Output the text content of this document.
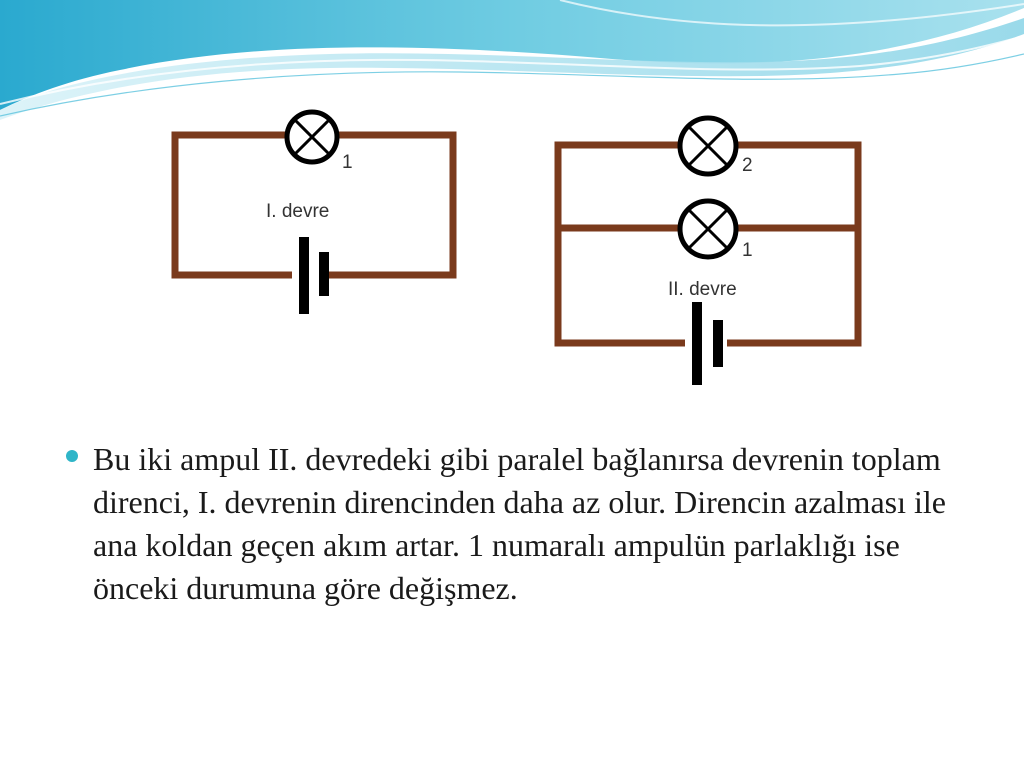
1
I. devre
2
1
II. devre
Bu iki ampul II. devredeki gibi paralel bağlanırsa devrenin toplam direnci, I. devrenin direncinden daha az olur. Direncin azalması ile ana koldan geçen akım artar. 1 numaralı ampulün parlaklığı ise önceki durumuna göre değişmez.
